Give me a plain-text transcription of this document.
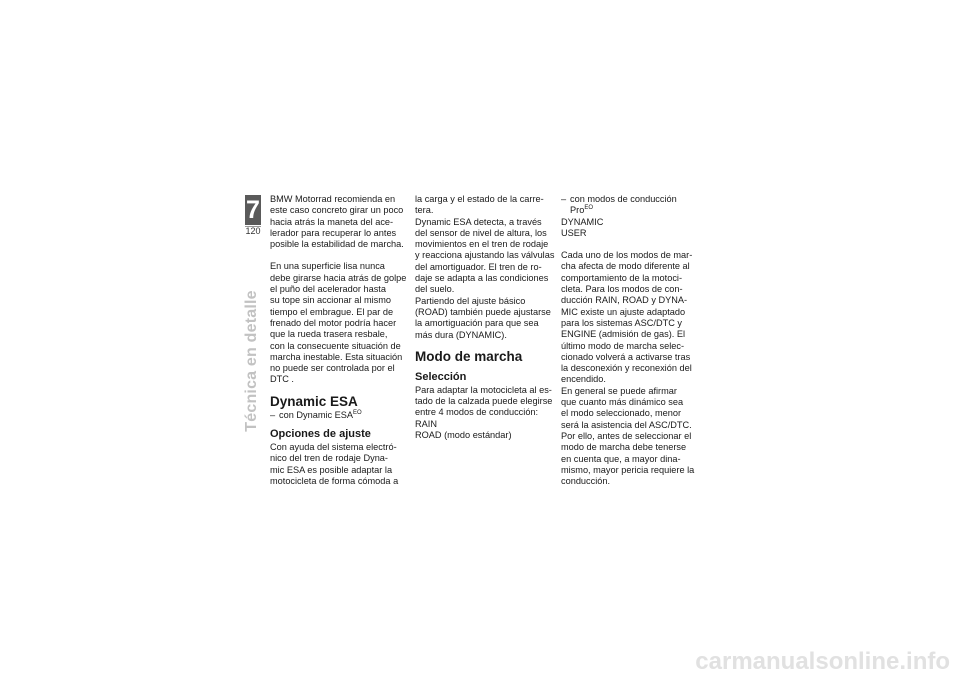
7
120
Técnica en detalle

BMW Motorrad recomienda en
este caso concreto girar un poco
hacia atrás la maneta del ace-
lerador para recuperar lo antes
posible la estabilidad de marcha.

En una superficie lisa nunca
debe girarse hacia atrás de golpe
el puño del acelerador hasta
su tope sin accionar al mismo
tiempo el embrague. El par de
frenado del motor podría hacer
que la rueda trasera resbale,
con la consecuente situación de
marcha inestable. Esta situación
no puede ser controlada por el
DTC .

Dynamic ESA
– con Dynamic $ESA^{EO}$
Opciones de ajuste

Con ayuda del sistema electró-
nico del tren de rodaje Dyna-
mic ESA es posible adaptar la
motocicleta de forma cómoda a

la carga y el estado de la carre-
tera.
Dynamic ESA detecta, a través
del sensor de nivel de altura, los
movimientos en el tren de rodaje
y reacciona ajustando las válvulas
del amortiguador. El tren de ro-
daje se adapta a las condiciones
del suelo.
Partiendo del ajuste básico
(ROAD) también puede ajustarse
la amortiguación para que sea
más dura (DYNAMIC).

Modo de marcha
Selección

Para adaptar la motocicleta al es-
tado de la calzada puede elegirse
entre 4 modos de conducción:
RAIN
ROAD (modo estándar)

– con modos de conducción
Pro$^{EO}$

DYNAMIC
USER

Cada uno de los modos de mar-
cha afecta de modo diferente al
comportamiento de la motoci-
cleta. Para los modos de con-
ducción RAIN, ROAD y DYNA-
MIC existe un ajuste adaptado
para los sistemas ASC/DTC y
ENGINE (admisión de gas). El
último modo de marcha selec-
cionado volverá a activarse tras
la desconexión y reconexión del
encendido.
En general se puede afirmar
que cuanto más dinámico sea
el modo seleccionado, menor
será la asistencia del ASC/DTC.
Por ello, antes de seleccionar el
modo de marcha debe tenerse
en cuenta que, a mayor dina-
mismo, mayor pericia requiere la
conducción.

carmanualsonline.info
